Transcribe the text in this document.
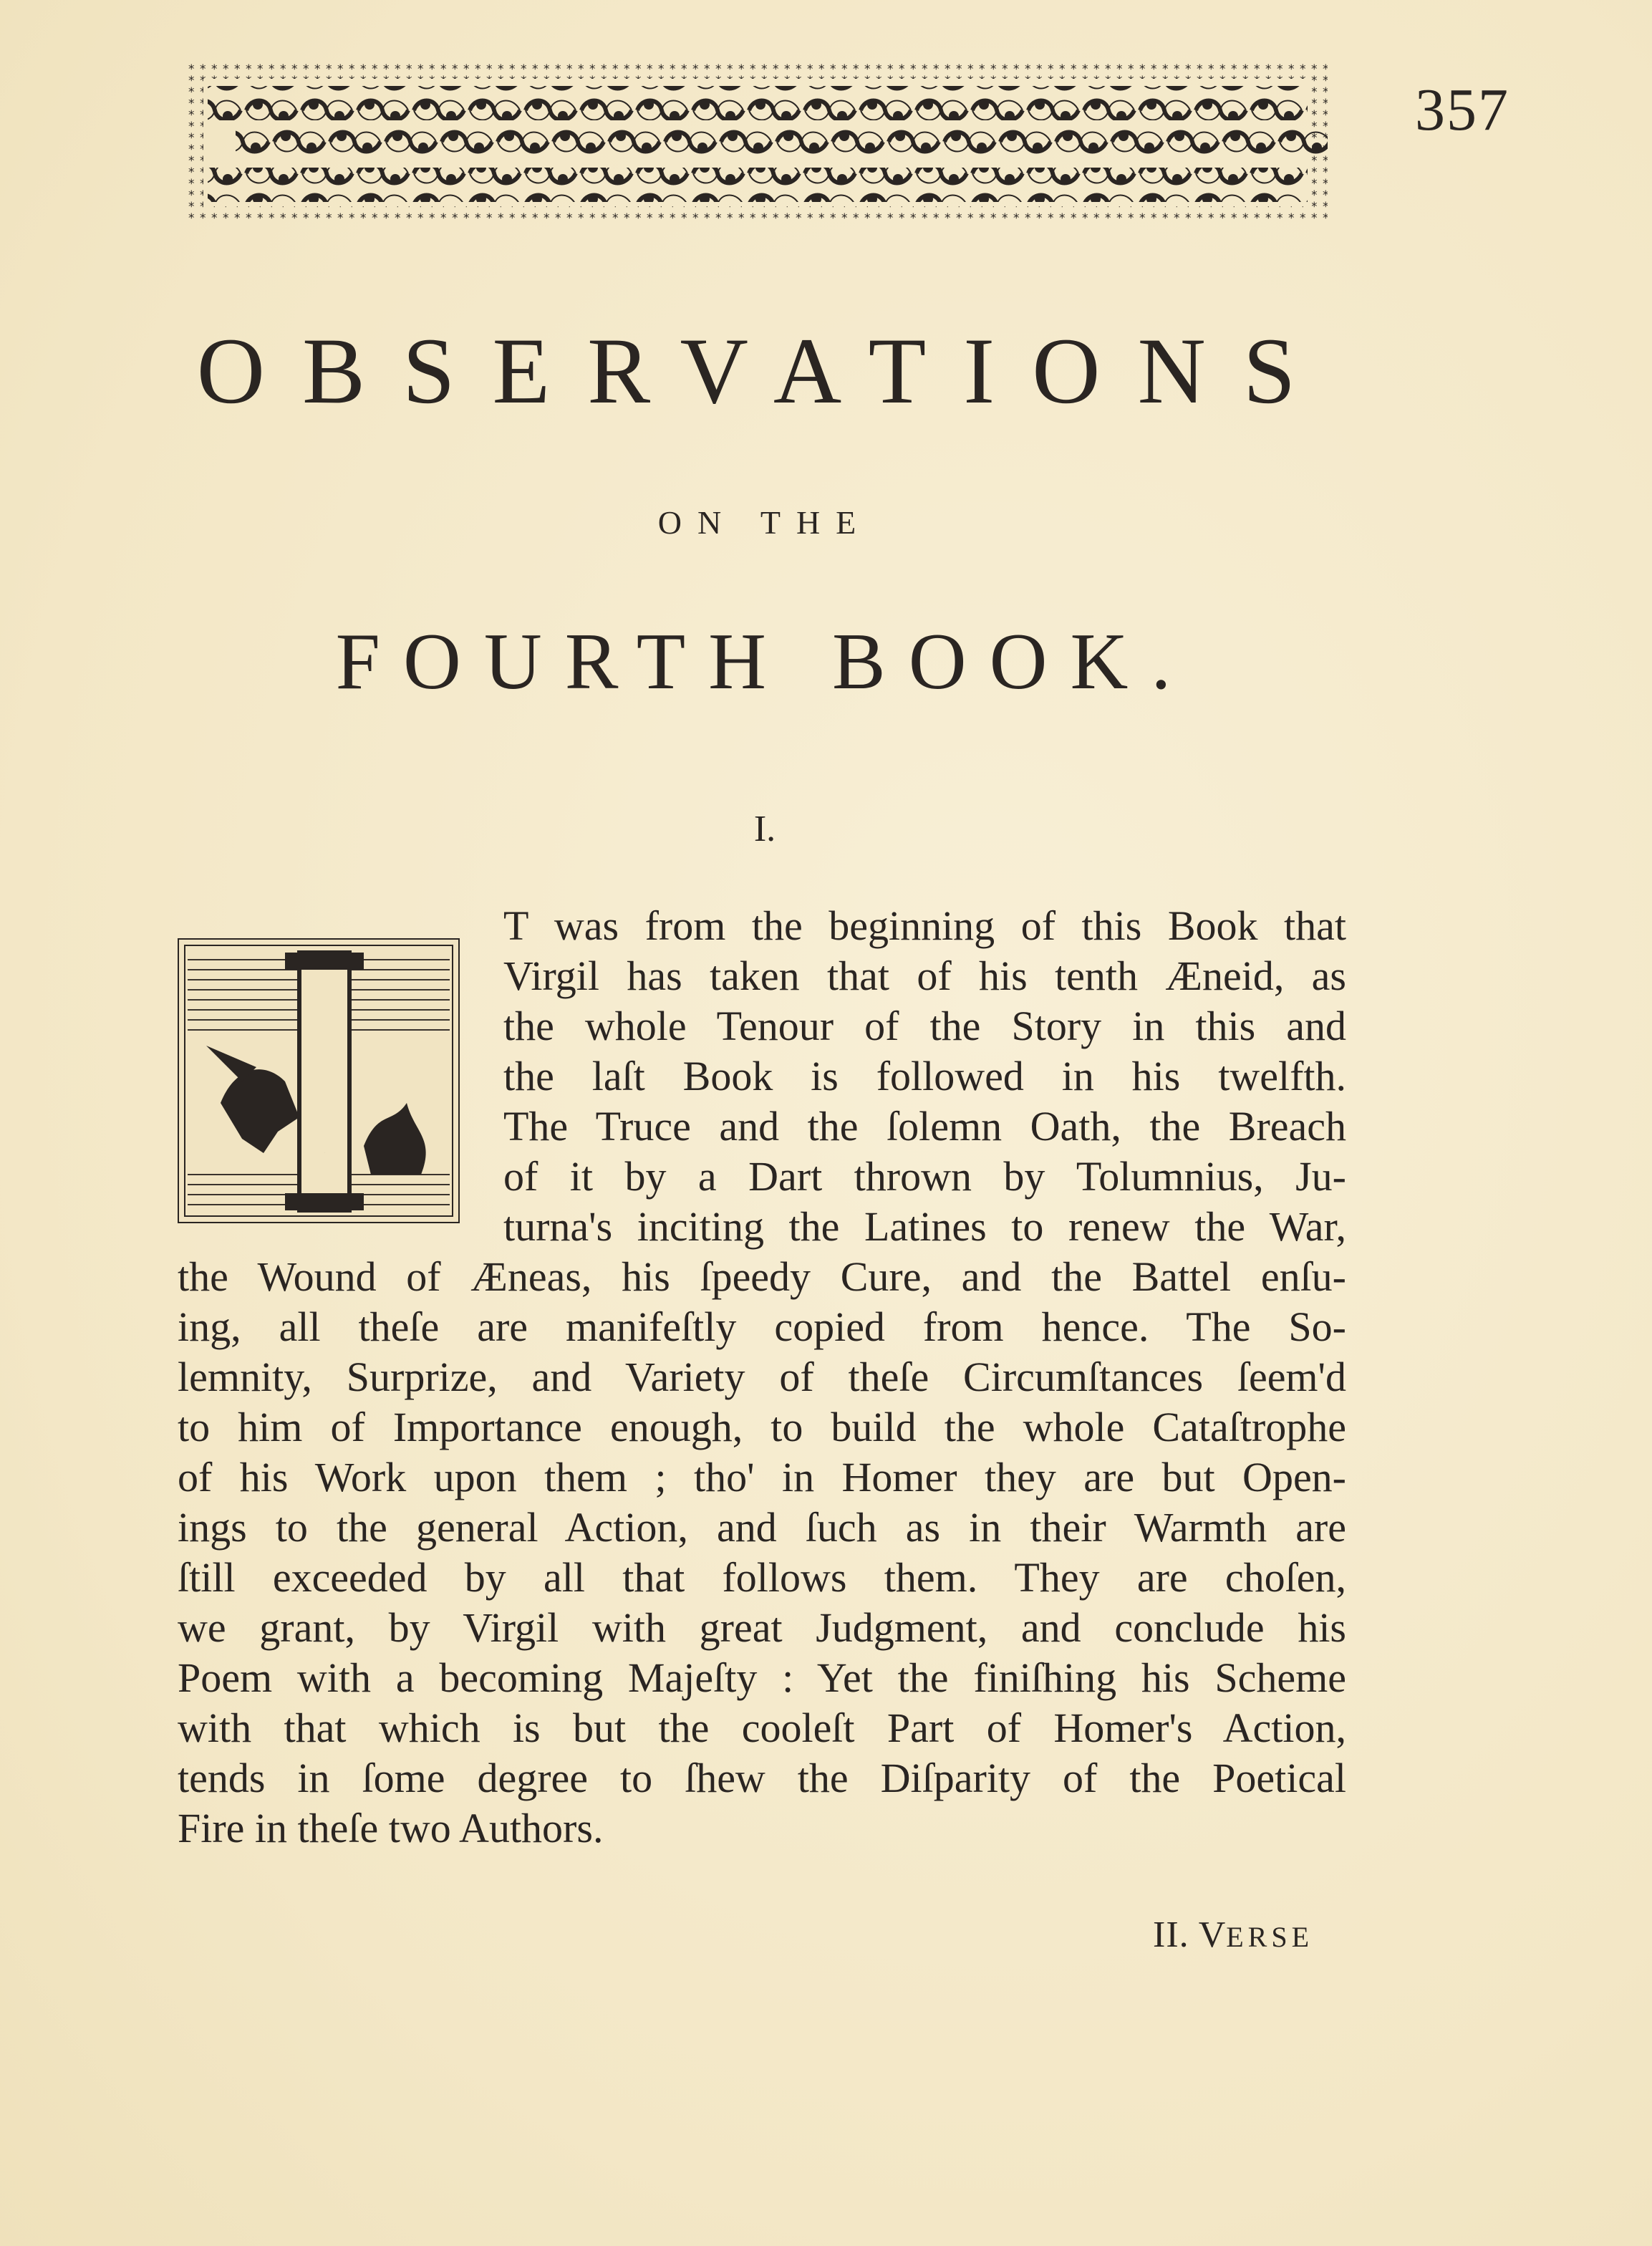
357
OBSERVATIONS
ON THE
FOURTH BOOK.
I.
I
T was from the beginning of this Book that
Virgil has taken that of his tenth Æneid, as
the whole Tenour of the Story in this and
the laſt Book is followed in his twelfth.
The Truce and the ſolemn Oath, the Breach
of it by a Dart thrown by Tolumnius, Ju-
turna's inciting the Latines to renew the War,
the Wound of Æneas, his ſpeedy Cure, and the Battel enſu-
ing, all theſe are manifeſtly copied from hence. The So-
lemnity, Surprize, and Variety of theſe Circumſtances ſeem'd
to him of Importance enough, to build the whole Cataſtrophe
of his Work upon them ; tho' in Homer they are but Open-
ings to the general Action, and ſuch as in their Warmth are
ſtill exceeded by all that follows them. They are choſen,
we grant, by Virgil with great Judgment, and conclude his
Poem with a becoming Majeſty : Yet the finiſhing his Scheme
with that which is but the cooleſt Part of Homer's Action,
tends in ſome degree to ſhew the Diſparity of the Poetical
Fire in theſe two Authors.
II. VERSE
